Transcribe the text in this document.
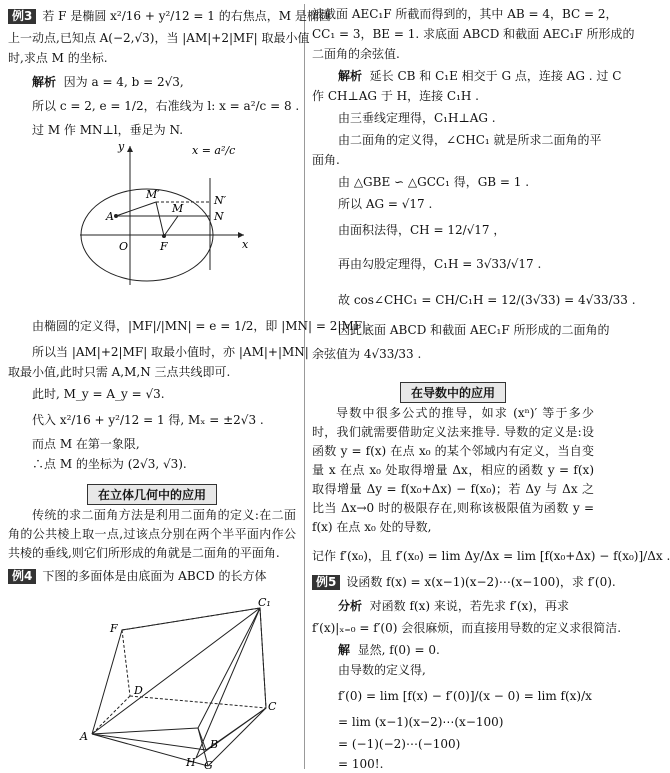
例3 若 F 是椭圆 x²/16 + y²/12 = 1 的右焦点，M 是椭圆
上一动点,已知点 A(−2,√3)，当 |AM|+2|MF| 取最小值
时,求点 M 的坐标.
解析 因为 a = 4, b = 2√3,
所以 c = 2, e = 1/2，右准线为 l: x = a²/c = 8 .
过 M 作 MN⊥l，垂足为 N.
x = a²/c
y
x
O	F
A
M
M′
N
N′
由椭圆的定义得，|MF|/|MN| = e = 1/2，即 |MN| = 2|MF|.
所以当 |AM|+2|MF| 取最小值时，亦 |AM|+|MN|
取最小值,此时只需 A,M,N 三点共线即可.
此时, M_y = A_y = √3.
代入 x²/16 + y²/12 = 1 得, Mₓ = ±2√3 .
而点 M 在第一象限,
∴点 M 的坐标为 (2√3, √3).
在立体几何中的应用

传统的求二面角方法是利用二面角的定义:在二面角的公共棱上取一点,过该点分别在两个半平面内作公共棱的垂线,则它们所形成的角就是二面角的平面角.

例4 下图的多面体是由底面为 ABCD 的长方体
C₁
F
D
C
A
H G
B
被截面 AEC₁F 所截而得到的，其中 AB = 4，BC = 2，
CC₁ = 3，BE = 1. 求底面 ABCD 和截面 AEC₁F 所形成的
二面角的余弦值.
解析 延长 CB 和 C₁E 相交于 G 点，连接 AG . 过 C
作 CH⊥AG 于 H，连接 C₁H .
由三垂线定理得，C₁H⊥AG .
由二面角的定义得，∠CHC₁ 就是所求二面角的平
面角.
由 △GBE ∽ △GCC₁ 得，GB = 1 .
所以 AG = √17 .
由面积法得，CH = 12/√17 ，
再由勾股定理得，C₁H = 3√33/√17 .
故 cos∠CHC₁ = CH/C₁H = 12/(3√33) = 4√33/33 .
因此底面 ABCD 和截面 AEC₁F 所形成的二面角的
余弦值为 4√33/33 .
在导数中的应用

导数中很多公式的推导，如求 (xⁿ)′ 等于多少时，我们就需要借助定义法来推导. 导数的定义是:设函数 y = f(x) 在点 x₀ 的某个邻域内有定义，当自变量 x 在点 x₀ 处取得增量 Δx，相应的函数 y = f(x) 取得增量 Δy = f(x₀+Δx) − f(x₀)；若 Δy 与 Δx 之比当 Δx→0 时的极限存在,则称该极限值为函数 y = f(x) 在点 x₀ 处的导数,

记作 f′(x₀)，且 f′(x₀) = lim Δy/Δx = lim [f(x₀+Δx) − f(x₀)]/Δx .
例5 设函数 f(x) = x(x−1)(x−2)⋯(x−100)，求 f′(0).
分析 对函数 f(x) 来说，若先求 f′(x)，再求
f′(x)|ₓ₌₀ = f′(0) 会很麻烦，而直接用导数的定义求很简洁.
解 显然, f(0) = 0.
由导数的定义得,
f′(0) = lim [f(x) − f′(0)]/(x − 0) = lim f(x)/x
= lim (x−1)(x−2)⋯(x−100)
= (−1)(−2)⋯(−100)
= 100!.
